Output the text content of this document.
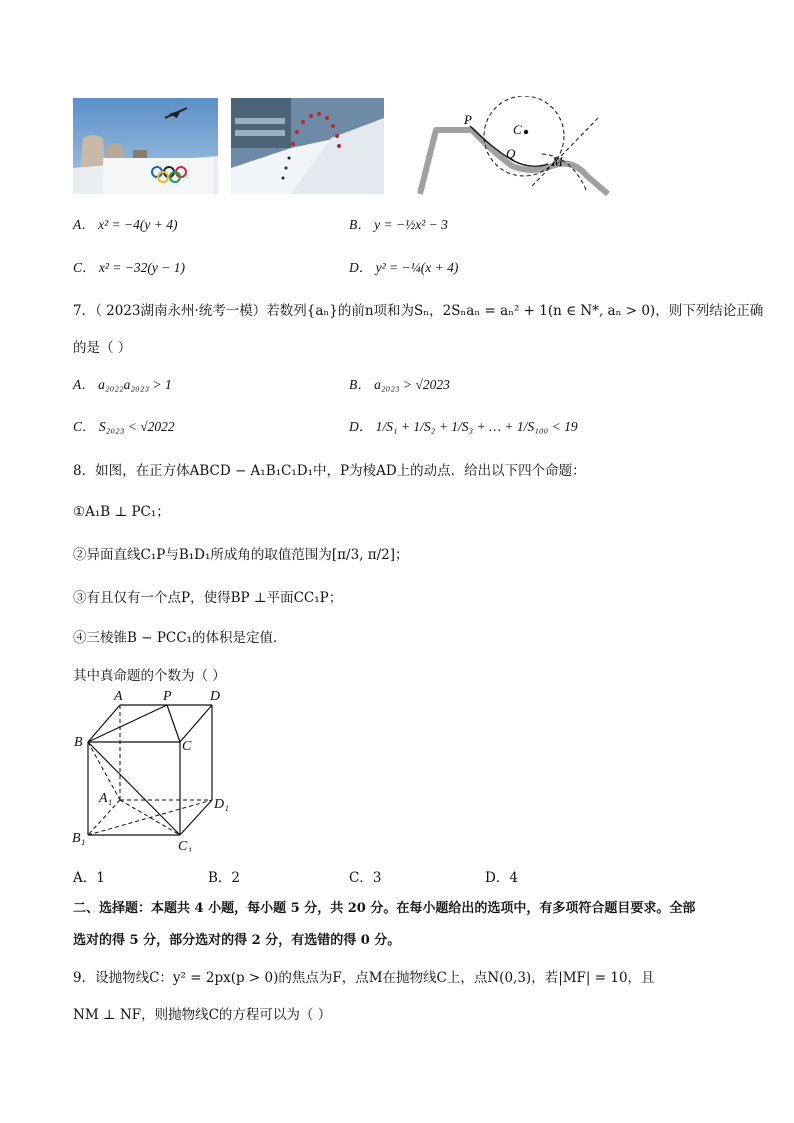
P
C
Q
M
A． x² = −4(y + 4)	B． y = −½x² − 3
C． x² = −32(y − 1)	D． y² = −¼(x + 4)
7．（ 2023湖南永州·统考一模）若数列{aₙ}的前n项和为Sₙ，2Sₙaₙ = aₙ² + 1(n ∈ N*, aₙ > 0)，则下列结论正确
的是（ ）
A． a₂₀₂₂a₂₀₂₃ > 1	B． a₂₀₂₃ > √2023
C． S₂₀₂₃ < √2022	D． 1/S₁ + 1/S₂ + 1/S₃ + … + 1/S₁₀₀ < 19
8．如图，在正方体ABCD − A₁B₁C₁D₁中，P为棱AD上的动点．给出以下四个命题：
①A₁B ⊥ PC₁；
②异面直线C₁P与B₁D₁所成角的取值范围为[π/3, π/2]；
③有且仅有一个点P，使得BP ⊥平面CC₁P；
④三棱锥B − PCC₁的体积是定值．
其中真命题的个数为（ ）
A	P	D
B	C
A₁	D₁
B₁
C₁
A．1	B．2	C．3	D．4
二、选择题：本题共 4 小题，每小题 5 分，共 20 分。在每小题给出的选项中，有多项符合题目要求。全部
选对的得 5 分，部分选对的得 2 分，有选错的得 0 分。
9．设抛物线C：y² = 2px(p > 0)的焦点为F，点M在抛物线C上，点N(0,3)，若|MF| = 10，且
NM ⊥ NF，则抛物线C的方程可以为（ ）
